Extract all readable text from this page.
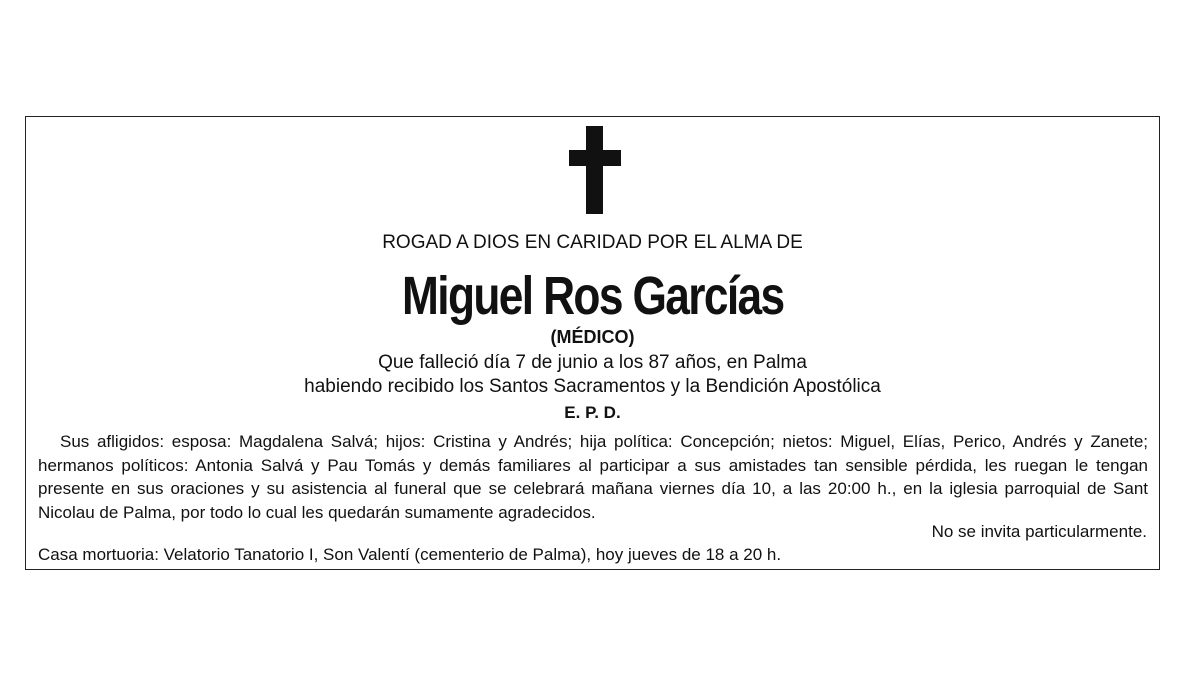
ROGAD A DIOS EN CARIDAD POR EL ALMA DE
Miguel Ros Garcías
(MÉDICO)
Que falleció día 7 de junio a los 87 años, en Palma
habiendo recibido los Santos Sacramentos y la Bendición Apostólica
E. P. D.
Sus afligidos: esposa: Magdalena Salvá; hijos: Cristina y Andrés; hija política: Concepción; nietos: Miguel, Elías, Perico, Andrés y Zanete; hermanos políticos: Antonia Salvá y Pau Tomás y demás familiares al participar a sus amistades tan sensible pérdida, les ruegan le tengan presente en sus oraciones y su asistencia al funeral que se celebrará mañana viernes día 10, a las 20:00 h., en la iglesia parroquial de Sant Nicolau de Palma, por todo lo cual les quedarán sumamente agradecidos.
No se invita particularmente.
Casa mortuoria: Velatorio Tanatorio I, Son Valentí (cementerio de Palma), hoy jueves de 18 a 20 h.
